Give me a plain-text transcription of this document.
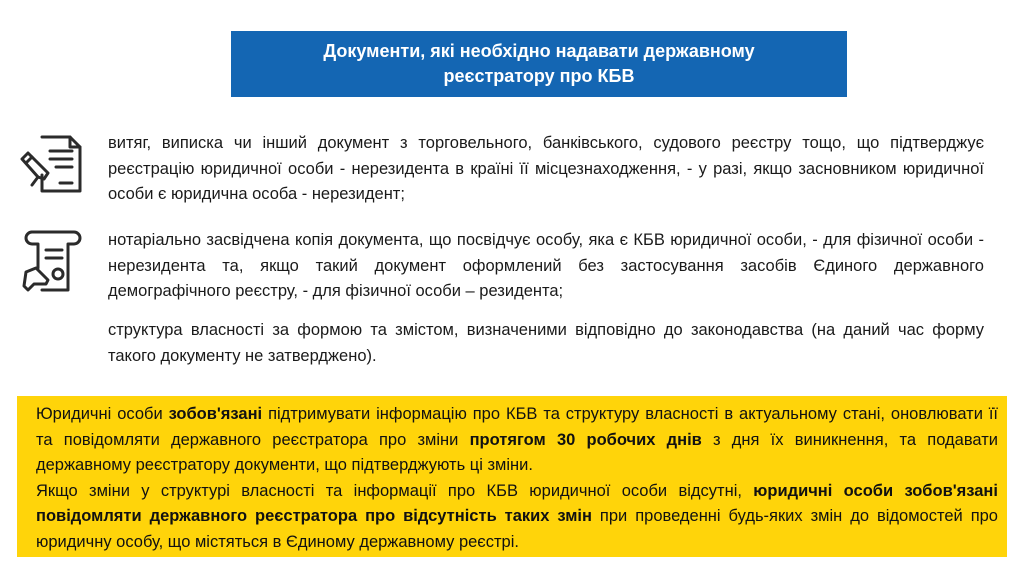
Документи, які необхідно надавати державному
реєстратору про КБВ
витяг, виписка чи інший документ з торговельного, банківського, судового реєстру тощо, що підтверджує реєстрацію юридичної особи - нерезидента в країні її місцезнаходження, - у разі, якщо засновником юридичної особи є юридична особа - нерезидент;
нотаріально засвідчена копія документа, що посвідчує особу, яка є КБВ юридичної особи, - для фізичної особи - нерезидента та, якщо такий документ оформлений без застосування засобів Єдиного державного демографічного реєстру, - для фізичної особи – резидента;
структура власності за формою та змістом, визначеними відповідно до законодавства (на даний час форму такого документу не затверджено).
Юридичні особи зобов'язані підтримувати інформацію про КБВ та структуру власності в актуальному стані, оновлювати її та повідомляти державного реєстратора про зміни протягом 30 робочих днів з дня їх виникнення, та подавати державному реєстратору документи, що підтверджують ці зміни.
Якщо зміни у структурі власності та інформації про КБВ юридичної особи відсутні, юридичні особи зобов'язані повідомляти державного реєстратора про відсутність таких змін при проведенні будь-яких змін до відомостей про юридичну особу, що містяться в Єдиному державному реєстрі.
